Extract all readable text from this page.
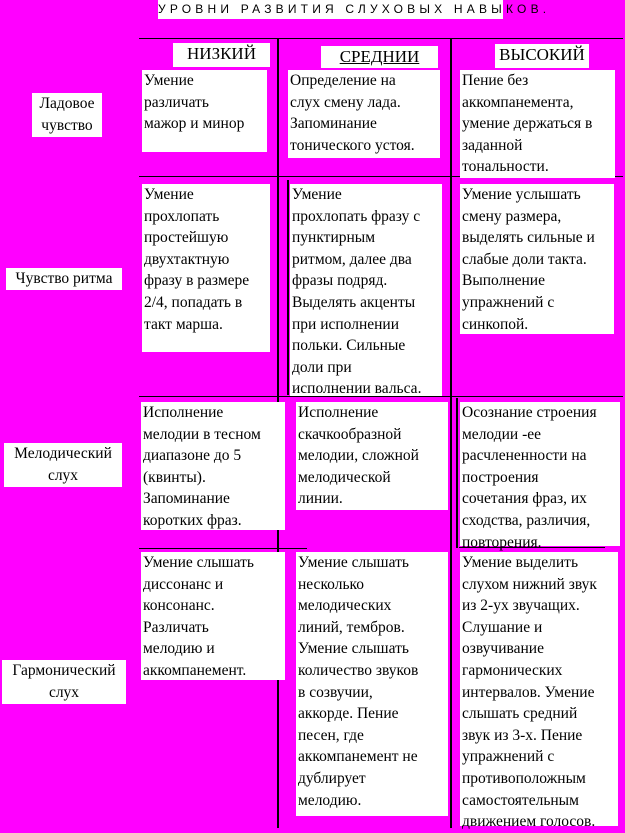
УРОВНИ РАЗВИТИЯ СЛУХОВЫХ НАВЫКОВ.
НИЗКИЙ	СРЕДНИИ	ВЫСОКИЙ
Ладовое
чувство
Чувство ритма
Мелодический
слух
Гармонический
слух
Умение
различать
мажор и минор
Определение на
слух смену лада.
Запоминание
тонического устоя.
Пение без
аккомпанемента,
умение держаться в
заданной
тональности.
Умение
прохлопать
простейшую
двухтактную
фразу в размере
2/4, попадать в
такт марша.
Умение
прохлопать фразу с
пунктирным
ритмом, далее два
фразы подряд.
Выделять акценты
при исполнении
польки. Сильные
доли при
исполнении вальса.
Умение услышать
смену размера,
выделять сильные и
слабые доли такта.
Выполнение
упражнений с
синкопой.
Исполнение
мелодии в тесном
диапазоне до 5
(квинты).
Запоминание
коротких фраз.
Исполнение
скачкообразной
мелодии, сложной
мелодической
линии.
Осознание строения
мелодии -ее
расчлененности на
построения
сочетания фраз, их
сходства, различия,
повторения.
Умение слышать
диссонанс и
консонанс.
Различать
мелодию и
аккомпанемент.
Умение слышать
несколько
мелодических
линий, тембров.
Умение слышать
количество звуков
в созвучии,
аккорде. Пение
песен, где
аккомпанемент не
дублирует
мелодию.
Умение выделить
слухом нижний звук
из 2-ух звучащих.
Слушание и
озвучивание
гармонических
интервалов. Умение
слышать средний
звук из 3-х. Пение
упражнений с
противоположным
самостоятельным
движением голосов.
